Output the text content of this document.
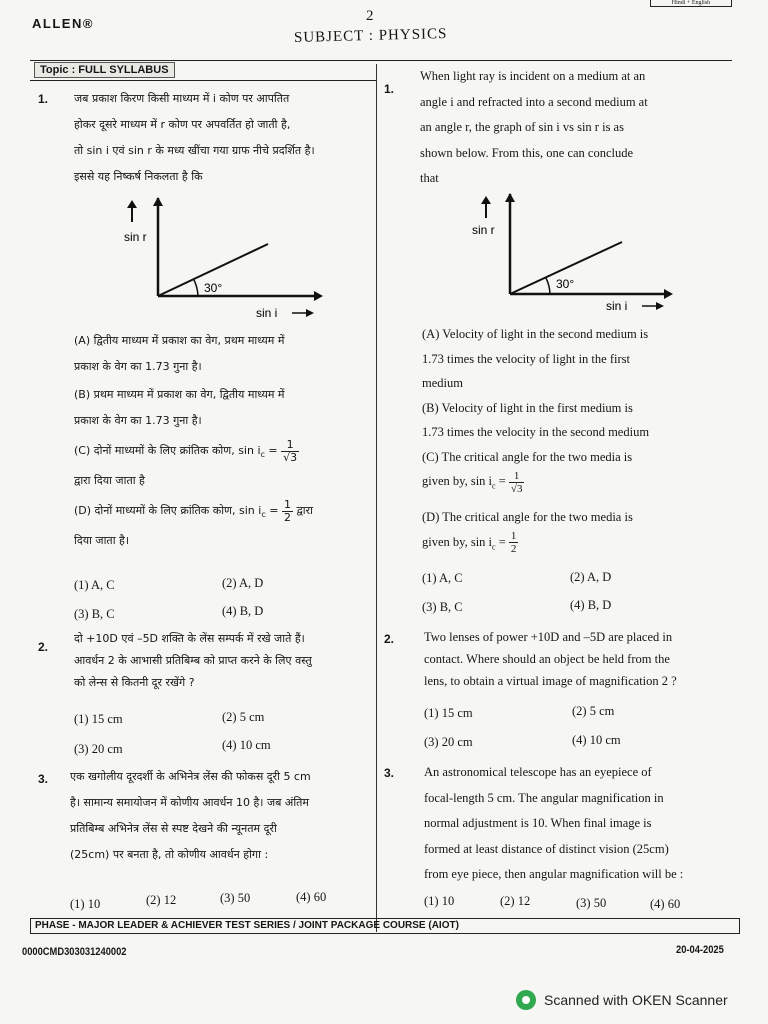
ALLEN®	2
Hindi + English
SUBJECT : PHYSICS
Topic : FULL SYLLABUS
1. जब प्रकाश किरण किसी माध्यम में i कोण पर आपतित
होकर दूसरे माध्यम में r कोण पर अपवर्तित हो जाती है,
तो sin i एवं sin r के मध्य खींचा गया ग्राफ नीचे प्रदर्शित है।
इससे यह निष्कर्ष निकलता है कि
sin r
30°
sin i
(A) द्वितीय माध्यम में प्रकाश का वेग, प्रथम माध्यम में
प्रकाश के वेग का 1.73 गुना है।
(B) प्रथम माध्यम में प्रकाश का वेग, द्वितीय माध्यम में
प्रकाश के वेग का 1.73 गुना है।
(C) दोनों माध्यमों के लिए क्रांतिक कोण, $\sin i_c = \frac{1}{√3}$
द्वारा दिया जाता है
(D) दोनों माध्यमों के लिए क्रांतिक कोण, $\sin i_c = \frac{1}{2}$ द्वारा
दिया जाता है।
(1) A, C	(2) A, D
(3) B, C	(4) B, D
2.
दो +10D एवं –5D शक्ति के लेंस सम्पर्क में रखे जाते हैं।
आवर्धन 2 के आभासी प्रतिबिम्ब को प्राप्त करने के लिए वस्तु
को लेन्स से कितनी दूर रखेंगे ?
(1) 15 cm	(2) 5 cm
(3) 20 cm	(4) 10 cm
3. एक खगोलीय दूरदर्शी के अभिनेत्र लेंस की फोकस दूरी 5 cm
है। सामान्य समायोजन में कोणीय आवर्धन 10 है। जब अंतिम
प्रतिबिम्ब अभिनेत्र लेंस से स्पष्ट देखने की न्यूनतम दूरी
(25cm) पर बनता है, तो कोणीय आवर्धन होगा :
(1) 10	(2) 12	(3) 50	(4) 60
1.
When light ray is incident on a medium at an
angle i and refracted into a second medium at
an angle r, the graph of sin i vs sin r is as
shown below. From this, one can conclude
that
sin r
30°
sin i
(A) Velocity of light in the second medium is
1.73 times the velocity of light in the first
medium
(B) Velocity of light in the first medium is
1.73 times the velocity in the second medium
(C) The critical angle for the two media is
given by, $\sin i_c = \frac{1}{√3}$
(D) The critical angle for the two media is
given by, $\sin i_c = \frac{1}{2}$
(1) A, C	(2) A, D
(3) B, C	(4) B, D
2. Two lenses of power +10D and –5D are placed in
contact. Where should an object be held from the
lens, to obtain a virtual image of magnification 2 ?
(1) 15 cm	(2) 5 cm
(3) 20 cm	(4) 10 cm
3. An astronomical telescope has an eyepiece of
focal-length 5 cm. The angular magnification in
normal adjustment is 10. When final image is
formed at least distance of distinct vision (25cm)
from eye piece, then angular magnification will be :
(1) 10	(2) 12	(3) 50	(4) 60
PHASE - MAJOR LEADER & ACHIEVER TEST SERIES / JOINT PACKAGE COURSE (AIOT)
0000CMD303031240002	20-04-2025
Scanned with OKEN Scanner
